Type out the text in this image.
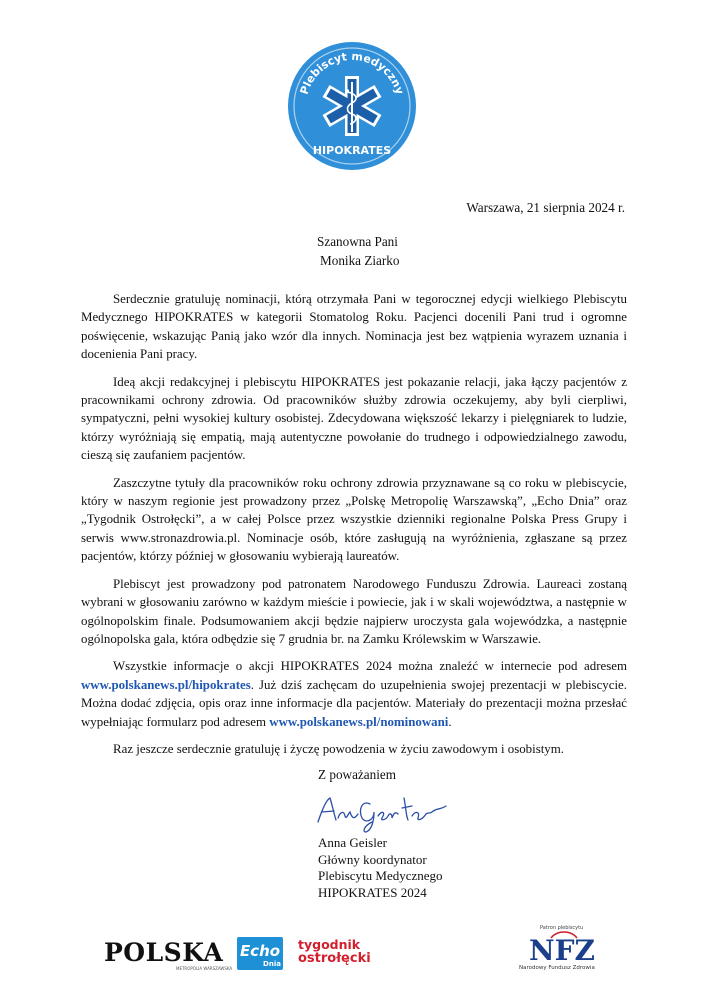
Plebiscyt medyczny
HIPOKRATES
Warszawa, 21 sierpnia 2024 r.
Szanowna Pani
Monika Ziarko

Serdecznie gratuluję nominacji, którą otrzymała Pani w tegorocznej edycji wielkiego Plebiscytu Medycznego HIPOKRATES w kategorii Stomatolog Roku. Pacjenci docenili Pani trud i ogromne poświęcenie, wskazując Panią jako wzór dla innych. Nominacja jest bez wątpienia wyrazem uznania i docenienia Pani pracy.

Ideą akcji redakcyjnej i plebiscytu HIPOKRATES jest pokazanie relacji, jaka łączy pacjentów z pracownikami ochrony zdrowia. Od pracowników służby zdrowia oczekujemy, aby byli cierpliwi, sympatyczni, pełni wysokiej kultury osobistej. Zdecydowana większość lekarzy i pielęgniarek to ludzie, którzy wyróżniają się empatią, mają autentyczne powołanie do trudnego i odpowiedzialnego zawodu, cieszą się zaufaniem pacjentów.

Zaszczytne tytuły dla pracowników roku ochrony zdrowia przyznawane są co roku w plebiscycie, który w naszym regionie jest prowadzony przez „Polskę Metropolię Warszawską”, „Echo Dnia” oraz „Tygodnik Ostrołęcki”, a w całej Polsce przez wszystkie dzienniki regionalne Polska Press Grupy i serwis www.stronazdrowia.pl. Nominacje osób, które zasługują na wyróżnienia, zgłaszane są przez pacjentów, którzy później w głosowaniu wybierają laureatów.

Plebiscyt jest prowadzony pod patronatem Narodowego Funduszu Zdrowia. Laureaci zostaną wybrani w głosowaniu zarówno w każdym mieście i powiecie, jak i w skali województwa, a następnie w ogólnopolskim finale. Podsumowaniem akcji będzie najpierw uroczysta gala wojewódzka, a następnie ogólnopolska gala, która odbędzie się 7 grudnia br. na Zamku Królewskim w Warszawie.

Wszystkie informacje o akcji HIPOKRATES 2024 można znaleźć w internecie pod adresem www.polskanews.pl/hipokrates. Już dziś zachęcam do uzupełnienia swojej prezentacji w plebiscycie. Można dodać zdjęcia, opis oraz inne informacje dla pacjentów. Materiały do prezentacji można przesłać wypełniając formularz pod adresem www.polskanews.pl/nominowani.

Raz jeszcze serdecznie gratuluję i życzę powodzenia w życiu zawodowym i osobistym.

Z poważaniem
Anna Geisler
Główny koordynator
Plebiscytu Medycznego
HIPOKRATES 2024
POLSKA
METROPOLIA WARSZAWSKA
Echo
Dnia
tygodnik
ostrołęcki
Patron plebiscytu
NFZ
Narodowy Fundusz Zdrowia
